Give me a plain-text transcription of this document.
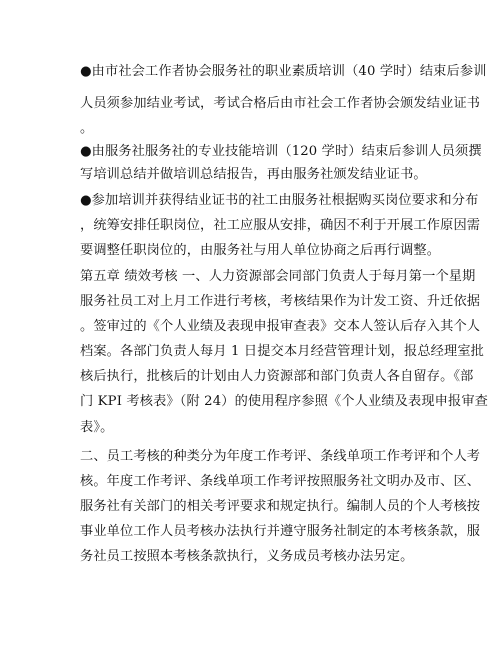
●由市社会工作者协会服务社的职业素质培训（40 学时）结束后参训
人员须参加结业考试，考试合格后由市社会工作者协会颁发结业证书
。
●由服务社服务社的专业技能培训（120 学时）结束后参训人员须撰
写培训总结并做培训总结报告，再由服务社颁发结业证书。
●参加培训并获得结业证书的社工由服务社根据购买岗位要求和分布
，统筹安排任职岗位，社工应服从安排，确因不利于开展工作原因需
要调整任职岗位的，由服务社与用人单位协商之后再行调整。
第五章 绩效考核 一、人力资源部会同部门负责人于每月第一个星期
服务社员工对上月工作进行考核，考核结果作为计发工资、升迁依据
。签审过的《个人业绩及表现申报审查表》交本人签认后存入其个人
档案。各部门负责人每月 1 日提交本月经营管理计划，报总经理室批
核后执行，批核后的计划由人力资源部和部门负责人各自留存。《部
门 KPI 考核表》（附 24）的使用程序参照《个人业绩及表现申报审查
表》。
二、员工考核的种类分为年度工作考评、条线单项工作考评和个人考
核。年度工作考评、条线单项工作考评按照服务社文明办及市、区、
服务社有关部门的相关考评要求和规定执行。编制人员的个人考核按
事业单位工作人员考核办法执行并遵守服务社制定的本考核条款，服
务社员工按照本考核条款执行，义务成员考核办法另定。
